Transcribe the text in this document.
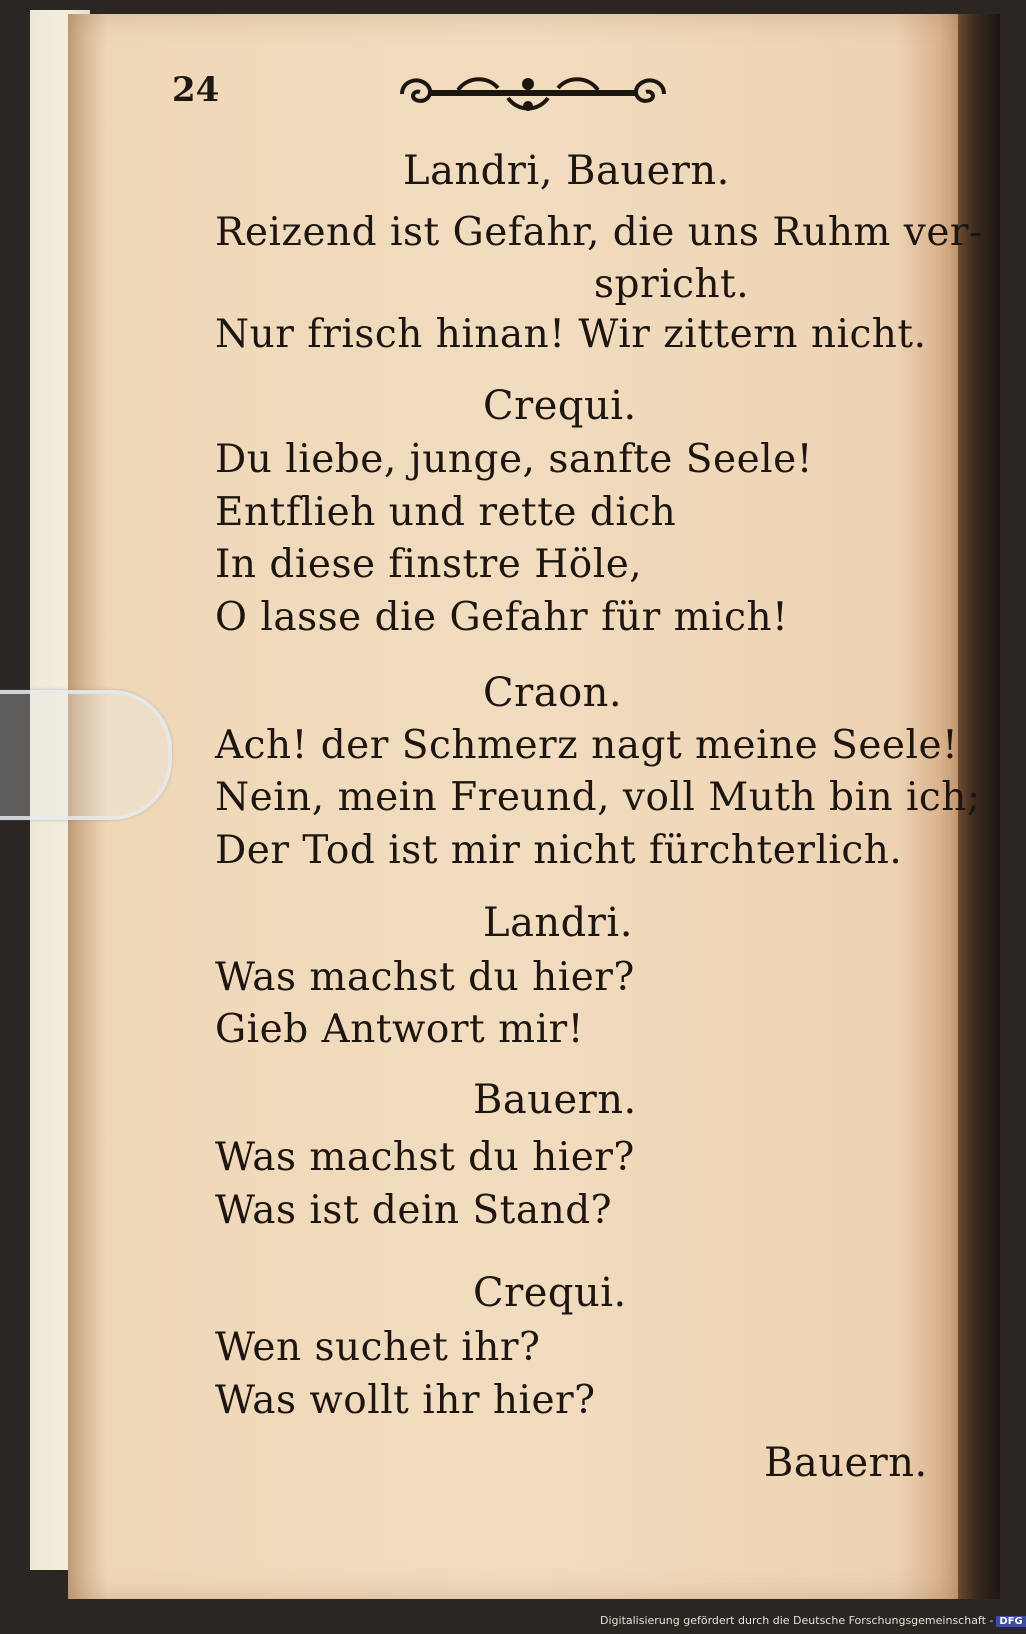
24
Landri, Bauern.
Reizend ist Gefahr, die uns Ruhm ver-
spricht.
Nur frisch hinan! Wir zittern nicht.
Crequi.
Du liebe, junge, sanfte Seele!
Entflieh und rette dich
In diese finstre Höle,
O lasse die Gefahr für mich!
Craon.
Ach! der Schmerz nagt meine Seele!
Nein, mein Freund, voll Muth bin ich;
Der Tod ist mir nicht fürchterlich.
Landri.
Was machst du hier?
Gieb Antwort mir!
Bauern.
Was machst du hier?
Was ist dein Stand?
Crequi.
Wen suchet ihr?
Was wollt ihr hier?
Bauern.
Digitalisierung gefördert durch die Deutsche Forschungsgemeinschaft - DFG
